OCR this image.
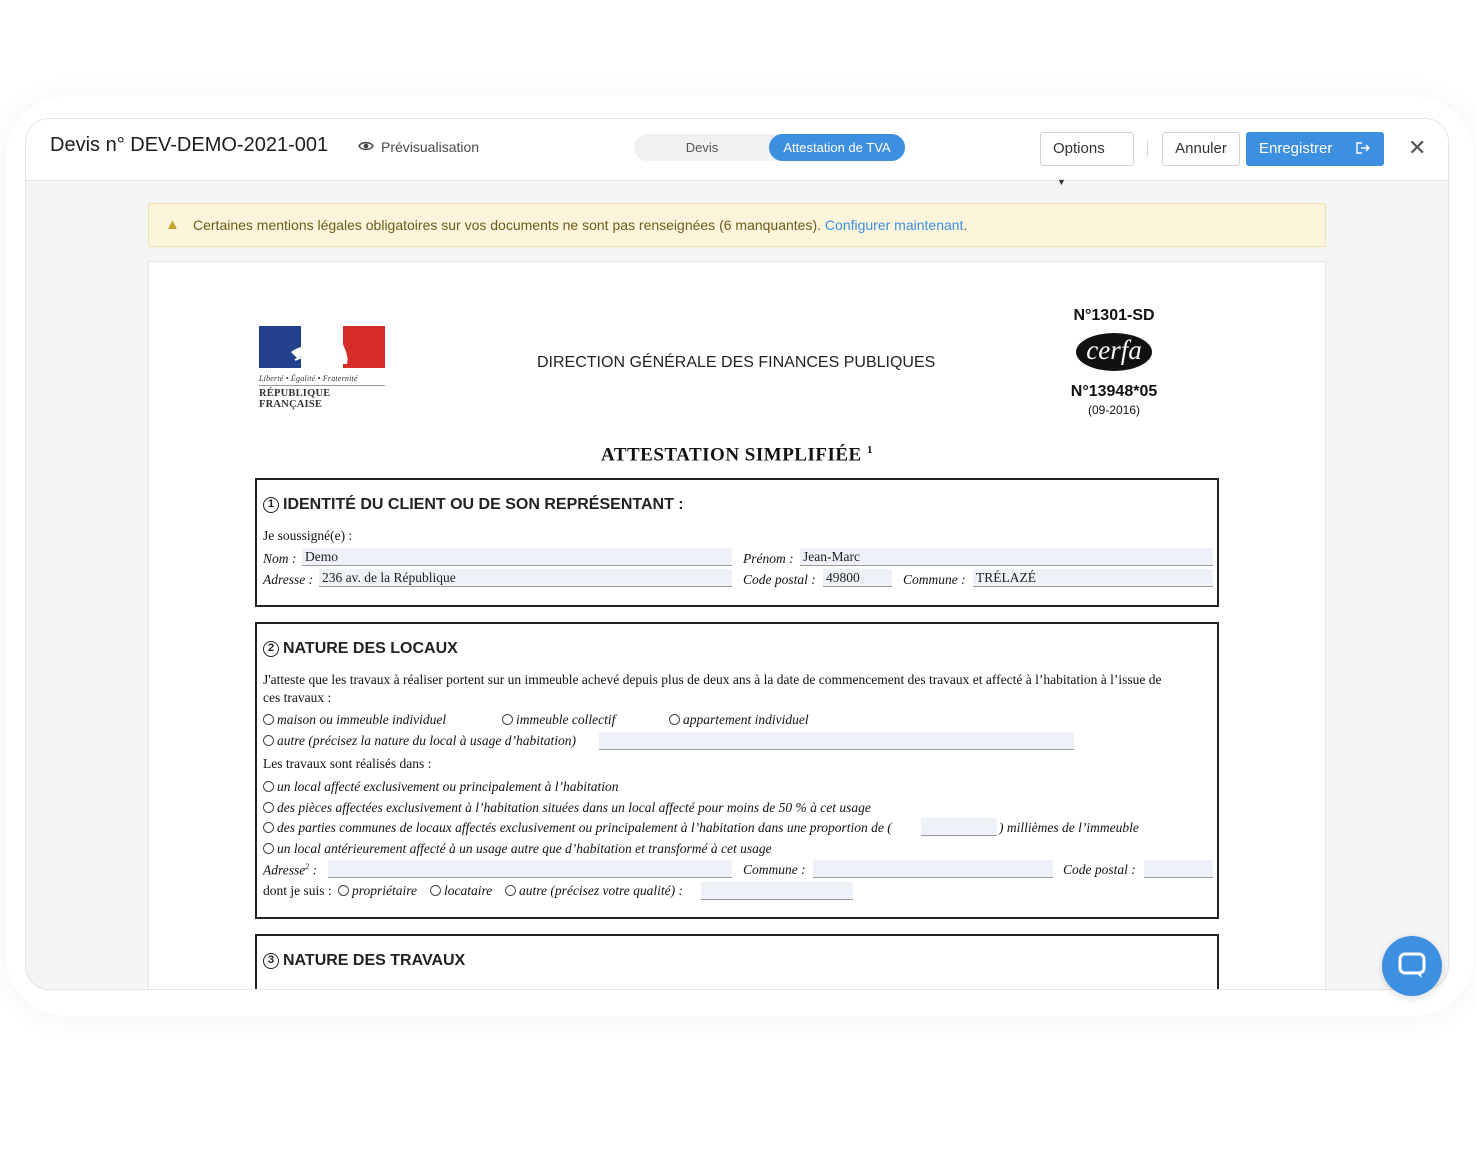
Devis n° DEV-DEMO-2021-001	Prévisualisation	Devis	Attestation de TVA	Options ▼
Annuler	Enregistrer	✕
▲ Certaines mentions légales obligatoires sur vos documents ne sont pas renseignées (6 manquantes). Configurer maintenant.
Liberté • Égalité • Fraternité
RÉPUBLIQUE FRANÇAISE
DIRECTION GÉNÉRALE DES FINANCES PUBLIQUES
N°1301-SD
cerfa
N°13948*05
(09-2016)
ATTESTATION SIMPLIFIÉE $^1$
1 IDENTITÉ DU CLIENT OU DE SON REPRÉSENTANT :
Je soussigné(e) :
Nom : Demo	Prénom : Jean-Marc
Adresse : 236 av. de la République	Code postal : 49800	Commune : TRÉLAZÉ
2 NATURE DES LOCAUX
J'atteste que les travaux à réaliser portent sur un immeuble achevé depuis plus de deux ans à la date de commencement des travaux et affecté à l’habitation à l’issue de
ces travaux :
maison ou immeuble individuel	immeuble collectif	appartement individuel
autre (précisez la nature du local à usage d’habitation)
Les travaux sont réalisés dans :
un local affecté exclusivement ou principalement à l’habitation
des pièces affectées exclusivement à l’habitation situées dans un local affecté pour moins de 50 % à cet usage
des parties communes de locaux affectés exclusivement ou principalement à l’habitation dans une proportion de (	) millièmes de l’immeuble
un local antérieurement affecté à un usage autre que d’habitation et transformé à cet usage
Adresse$^2$ :	Commune :	Code postal :
dont je suis :	propriétaire	locataire	autre (précisez votre qualité) :
3 NATURE DES TRAVAUX
